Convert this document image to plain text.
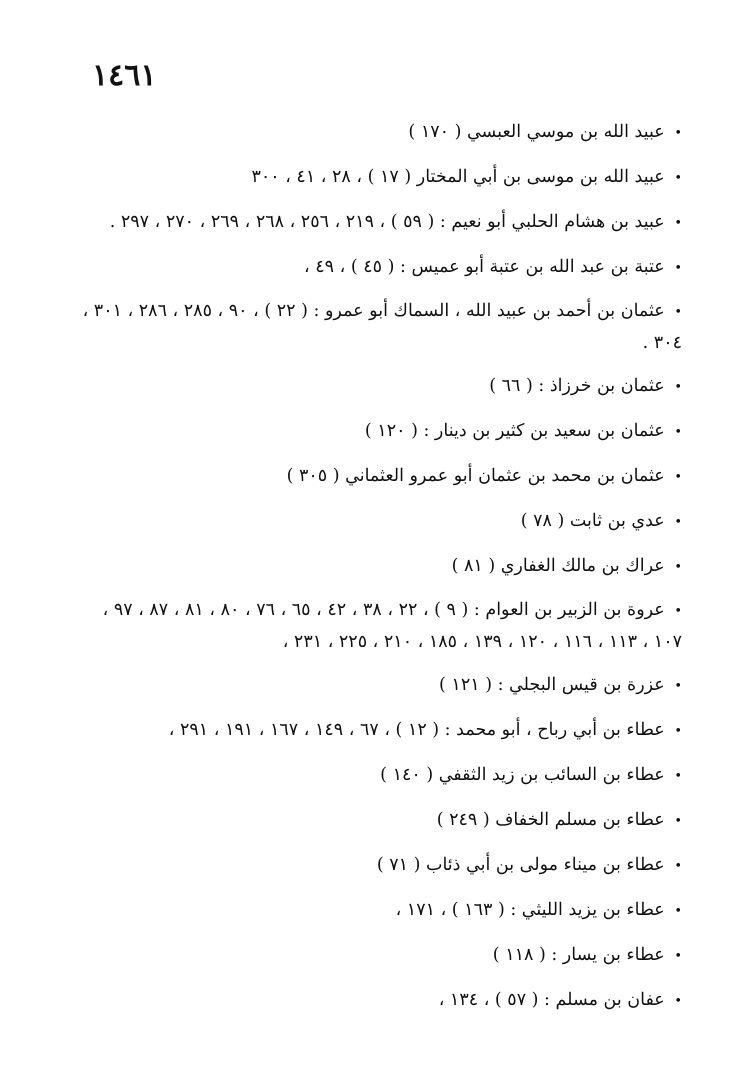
١٤٦١
• عبيد الله بن موسي العبسي ( ١٧٠ )
• عبيد الله بن موسى بن أبي المختار ( ١٧ ) ، ٢٨ ، ٤١ ، ٣٠٠
• عبيد بن هشام الحلبي أبو نعيم : ( ٥٩ ) ، ٢١٩ ، ٢٥٦ ، ٢٦٨ ، ٢٦٩ ، ٢٧٠ ، ٢٩٧ .
• عتبة بن عبد الله بن عتبة أبو عميس : ( ٤٥ ) ، ٤٩ ،
• عثمان بن أحمد بن عبيد الله ، السماك أبو عمرو : ( ٢٢ ) ، ٩٠ ، ٢٨٥ ، ٢٨٦ ، ٣٠١ ، ٣٠٤ .
• عثمان بن خرزاذ : ( ٦٦ )
• عثمان بن سعيد بن كثير بن دينار : ( ١٢٠ )
• عثمان بن محمد بن عثمان أبو عمرو العثماني ( ٣٠٥ )
• عدي بن ثابت ( ٧٨ )
• عراك بن مالك الغفاري ( ٨١ )
• عروة بن الزبير بن العوام : ( ٩ ) ، ٢٢ ، ٣٨ ، ٤٢ ، ٦٥ ، ٧٦ ، ٨٠ ، ٨١ ، ٨٧ ، ٩٧ ، ١٠٧ ، ١١٣ ، ١١٦ ، ١٢٠ ، ١٣٩ ، ١٨٥ ، ٢١٠ ، ٢٢٥ ، ٢٣١ ،
• عزرة بن قيس البجلي : ( ١٢١ )
• عطاء بن أبي رباح ، أبو محمد : ( ١٢ ) ، ٦٧ ، ١٤٩ ، ١٦٧ ، ١٩١ ، ٢٩١ ،
• عطاء بن السائب بن زيد الثقفي ( ١٤٠ )
• عطاء بن مسلم الخفاف ( ٢٤٩ )
• عطاء بن ميناء مولى بن أبي ذئاب ( ٧١ )
• عطاء بن يزيد الليثي : ( ١٦٣ ) ، ١٧١ ،
• عطاء بن يسار : ( ١١٨ )
• عفان بن مسلم : ( ٥٧ ) ، ١٣٤ ،
